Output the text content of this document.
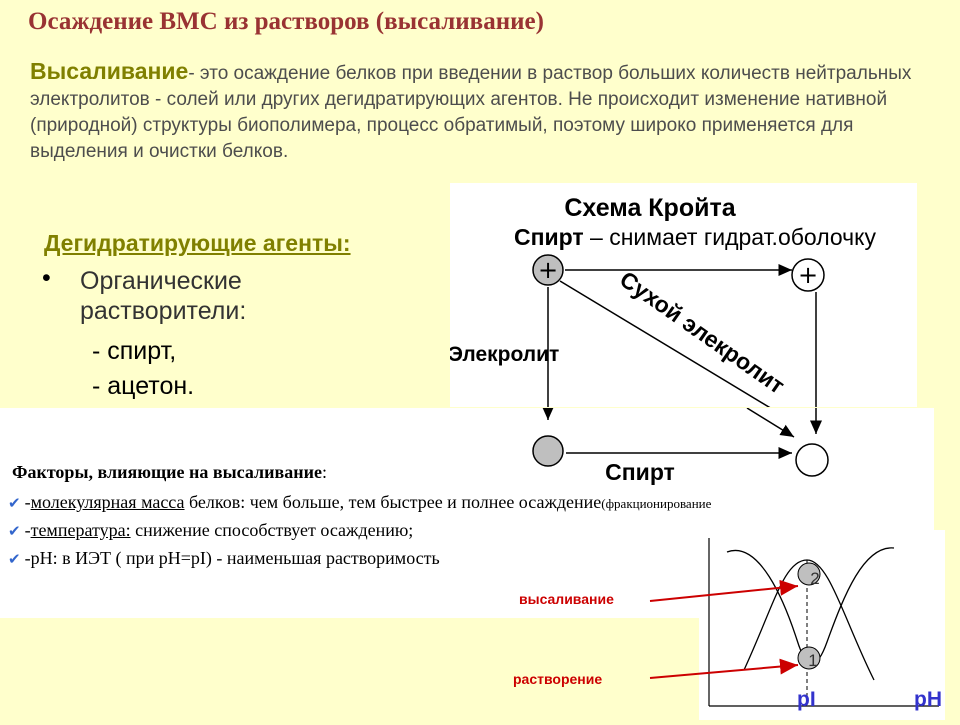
Осаждение ВМС из растворов (высаливание)
Высаливание- это осаждение белков при введении в раствор больших количеств нейтральных электролитов - солей или других дегидратирующих агентов. Не происходит изменение нативной (природной) структуры биополимера, процесс обратимый, поэтому широко применяется для выделения и очистки белков.
Дегидратирующие агенты:
• Органические растворители:
- спирт,
- ацетон.
Схема Кройта
Спирт – снимает гидрат.оболочку
+	+
Элекролит Сухой элекролит
Спирт
Факторы, влияющие на высаливание:
✔ -молекулярная масса белков: чем больше, тем быстрее и полнее осаждение(фракционирование
✔ -температура: снижение способствует осаждению;
✔ -рН: в ИЭТ ( при рН=рI) - наименьшая растворимость
2
1
высаливание
растворение
pI	pH
